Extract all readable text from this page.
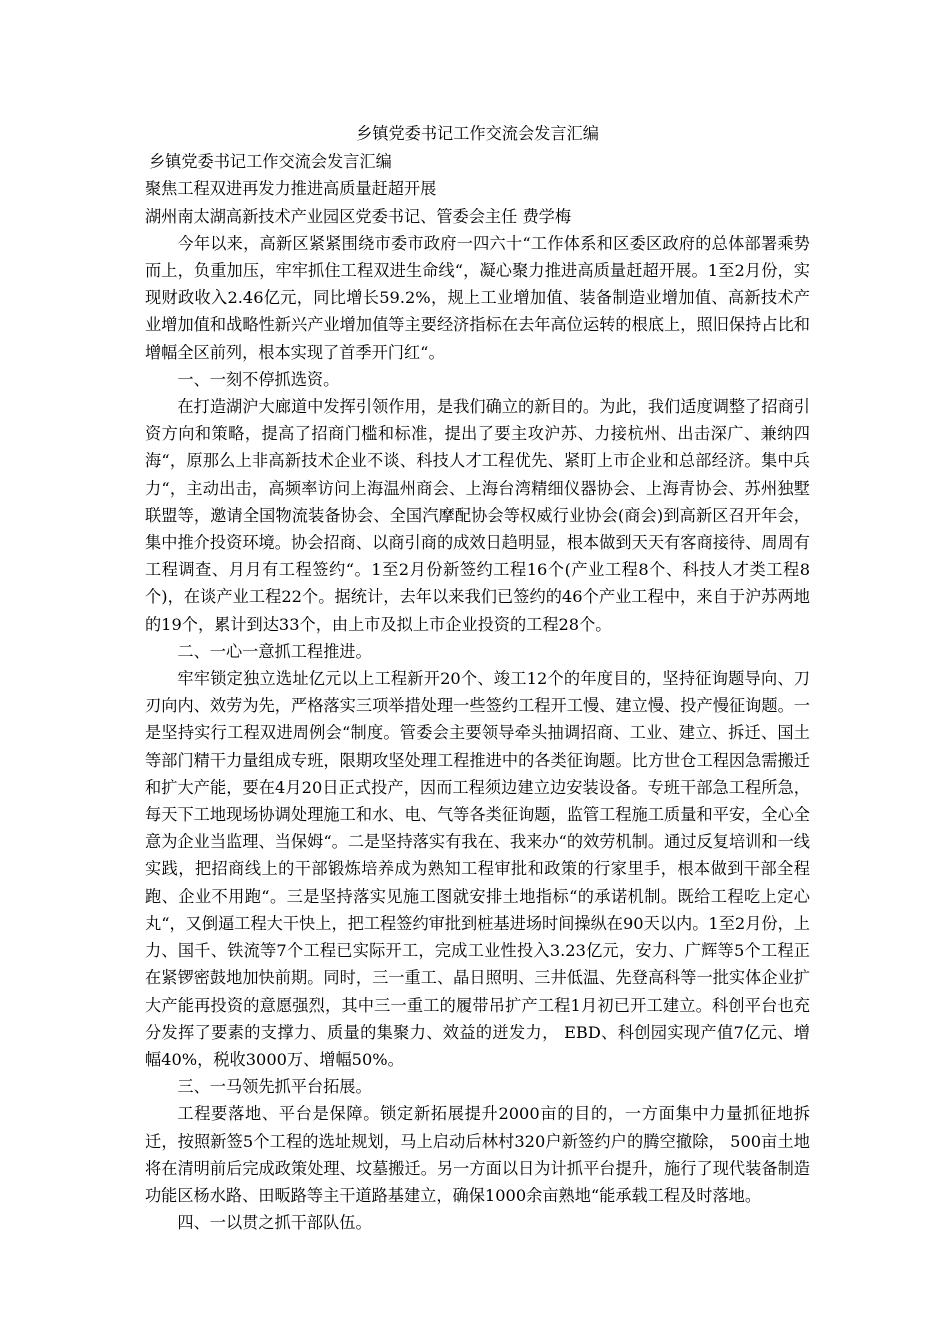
乡镇党委书记工作交流会发言汇编

乡镇党委书记工作交流会发言汇编

聚焦工程双进再发力推进高质量赶超开展

湖州南太湖高新技术产业园区党委书记、管委会主任 费学梅

今年以来，高新区紧紧围绕市委市政府一四六十“工作体系和区委区政府的总体部署乘势而上，负重加压，牢牢抓住工程双进生命线“，凝心聚力推进高质量赶超开展。1至2月份，实现财政收入2.46亿元，同比增长59.2%，规上工业增加值、装备制造业增加值、高新技术产业增加值和战略性新兴产业增加值等主要经济指标在去年高位运转的根底上，照旧保持占比和增幅全区前列，根本实现了首季开门红“。

一、一刻不停抓选资。

在打造湖沪大廊道中发挥引领作用，是我们确立的新目的。为此，我们适度调整了招商引资方向和策略，提高了招商门槛和标准，提出了要主攻沪苏、力接杭州、出击深广、兼纳四海“，原那么上非高新技术企业不谈、科技人才工程优先、紧盯上市企业和总部经济。集中兵力“，主动出击，高频率访问上海温州商会、上海台湾精细仪器协会、上海青协会、苏州独墅联盟等，邀请全国物流装备协会、全国汽摩配协会等权威行业协会(商会)到高新区召开年会，集中推介投资环境。协会招商、以商引商的成效日趋明显，根本做到天天有客商接待、周周有工程调查、月月有工程签约“。1至2月份新签约工程16个(产业工程8个、科技人才类工程8个)，在谈产业工程22个。据统计，去年以来我们已签约的46个产业工程中，来自于沪苏两地的19个，累计到达33个，由上市及拟上市企业投资的工程28个。

二、一心一意抓工程推进。

牢牢锁定独立选址亿元以上工程新开20个、竣工12个的年度目的，坚持征询题导向、刀刃向内、效劳为先，严格落实三项举措处理一些签约工程开工慢、建立慢、投产慢征询题。一是坚持实行工程双进周例会“制度。管委会主要领导牵头抽调招商、工业、建立、拆迁、国土等部门精干力量组成专班，限期攻坚处理工程推进中的各类征询题。比方世仓工程因急需搬迁和扩大产能，要在4月20日正式投产，因而工程须边建立边安装设备。专班干部急工程所急，每天下工地现场协调处理施工和水、电、气等各类征询题，监管工程施工质量和平安，全心全意为企业当监理、当保姆“。二是坚持落实有我在、我来办“的效劳机制。通过反复培训和一线实践，把招商线上的干部锻炼培养成为熟知工程审批和政策的行家里手，根本做到干部全程跑、企业不用跑“。三是坚持落实见施工图就安排土地指标“的承诺机制。既给工程吃上定心丸“，又倒逼工程大干快上，把工程签约审批到桩基进场时间操纵在90天以内。1至2月份，上力、国千、铁流等7个工程已实际开工，完成工业性投入3.23亿元，安力、广辉等5个工程正在紧锣密鼓地加快前期。同时，三一重工、晶日照明、三井低温、先登高科等一批实体企业扩大产能再投资的意愿强烈，其中三一重工的履带吊扩产工程1月初已开工建立。科创平台也充分发挥了要素的支撑力、质量的集聚力、效益的迸发力， EBD、科创园实现产值7亿元、增幅40%，税收3000万、增幅50%。

三、一马领先抓平台拓展。

工程要落地、平台是保障。锁定新拓展提升2000亩的目的，一方面集中力量抓征地拆迁，按照新签5个工程的选址规划，马上启动后林村320户新签约户的腾空撤除， 500亩土地将在清明前后完成政策处理、坟墓搬迁。另一方面以日为计抓平台提升，施行了现代装备制造功能区杨水路、田畈路等主干道路基建立，确保1000余亩熟地“能承载工程及时落地。

四、一以贯之抓干部队伍。
